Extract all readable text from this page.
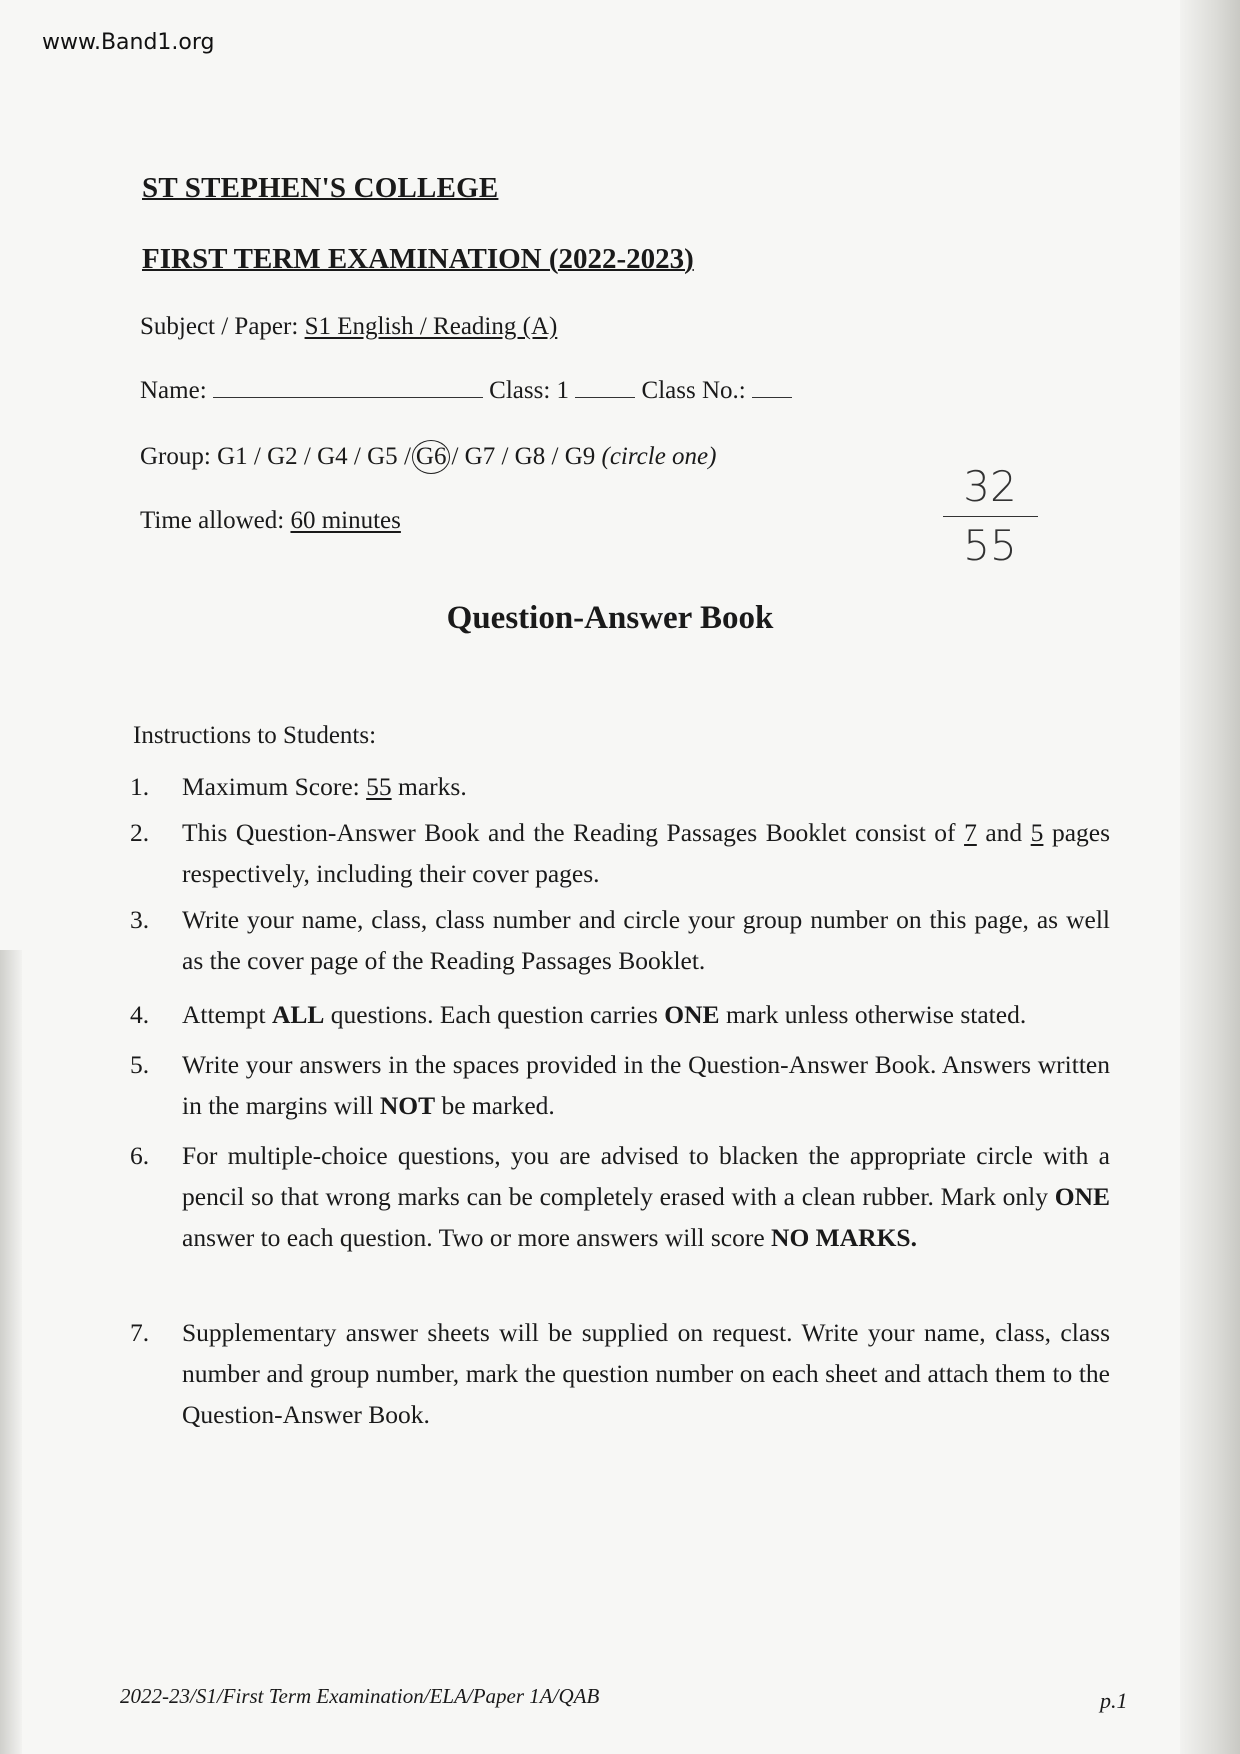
www.Band1.org
ST STEPHEN'S COLLEGE
FIRST TERM EXAMINATION (2022-2023)
Subject / Paper: S1 English / Reading (A)
Name:	Class: 1	Class No.:
Group: G1 / G2 / G4 / G5 / G6 / G7 / G8 / G9 (circle one)
Time allowed: 60 minutes
32
55
Question-Answer Book
Instructions to Students:
1.	Maximum Score: 55 marks.
2.	This Question-Answer Book and the Reading Passages Booklet consist of 7 and 5 pages respectively, including their cover pages.
3.	Write your name, class, class number and circle your group number on this page, as well as the cover page of the Reading Passages Booklet.
4.	Attempt ALL questions. Each question carries ONE mark unless otherwise stated.
5.	Write your answers in the spaces provided in the Question-Answer Book. Answers written in the margins will NOT be marked.
6.	For multiple-choice questions, you are advised to blacken the appropriate circle with a pencil so that wrong marks can be completely erased with a clean rubber. Mark only ONE answer to each question. Two or more answers will score NO MARKS.
7.	Supplementary answer sheets will be supplied on request. Write your name, class, class number and group number, mark the question number on each sheet and attach them to the Question-Answer Book.
2022-23/S1/First Term Examination/ELA/Paper 1A/QAB	p.1
